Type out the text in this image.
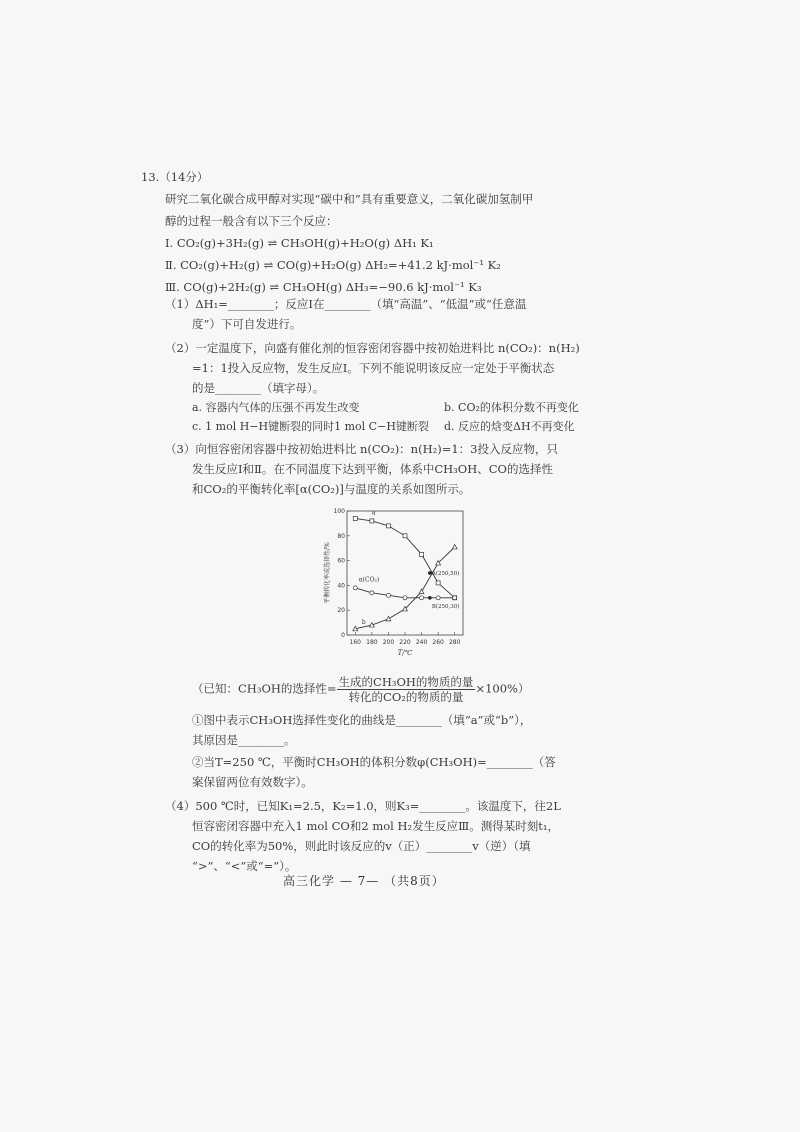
13.（14分）
研究二氧化碳合成甲醇对实现“碳中和”具有重要意义，二氧化碳加氢制甲
醇的过程一般含有以下三个反应：
Ⅰ. CO₂(g)+3H₂(g) ⇌ CH₃OH(g)+H₂O(g) ΔH₁ K₁
Ⅱ. CO₂(g)+H₂(g) ⇌ CO(g)+H₂O(g) ΔH₂=+41.2 kJ·mol⁻¹ K₂
Ⅲ. CO(g)+2H₂(g) ⇌ CH₃OH(g) ΔH₃=−90.6 kJ·mol⁻¹ K₃
（1）ΔH₁=________；反应Ⅰ在________（填“高温”、“低温”或“任意温
度”）下可自发进行。
（2）一定温度下，向盛有催化剂的恒容密闭容器中按初始进料比 n(CO₂)：n(H₂)
=1：1投入反应物，发生反应Ⅰ。下列不能说明该反应一定处于平衡状态
的是________（填字母）。
a. 容器内气体的压强不再发生改变	b. CO₂的体积分数不再变化
c. 1 mol H−H键断裂的同时1 mol C−H键断裂 d. 反应的焓变ΔH不再变化
（3）向恒容密闭容器中按初始进料比 n(CO₂)：n(H₂)=1：3投入反应物，只
发生反应Ⅰ和Ⅱ。在不同温度下达到平衡，体系中CH₃OH、CO的选择性
和CO₂的平衡转化率[α(CO₂)]与温度的关系如图所示。
160 180 200 220 240 260 280
0
20
40
60
80
100
T/℃
平衡转化率或选择性/%
a
b
α(CO₂)
A(250,50)
B(250,30)
（已知：CH₃OH的选择性= $\frac{\text{生成的CH₃OH的物质的量}}{\text{转化的CO₂的物质的量}} \times 100\%$）
①图中表示CH₃OH选择性变化的曲线是________（填“a”或“b”），
其原因是________。
②当T=250 ℃，平衡时CH₃OH的体积分数φ(CH₃OH)=________（答
案保留两位有效数字）。
（4）500 ℃时，已知K₁=2.5，K₂=1.0，则K₃=________。该温度下，往2L
恒容密闭容器中充入1 mol CO和2 mol H₂发生反应Ⅲ。测得某时刻t₁，
CO的转化率为50%，则此时该反应的v（正）________v（逆）（填
“>”、“<”或“=”）。
高三化学 — 7— （共8页）
